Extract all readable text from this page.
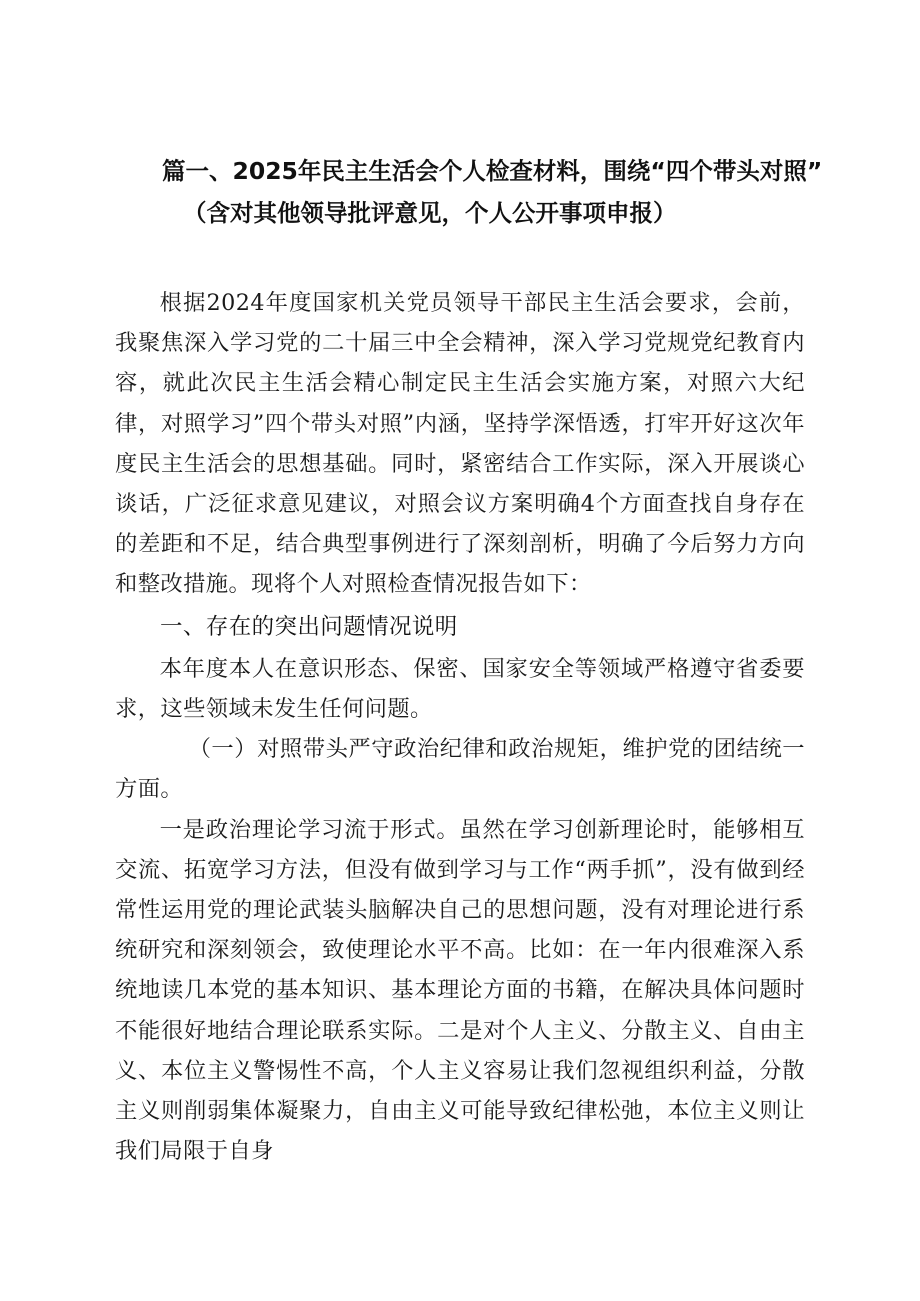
篇一、2025年民主生活会个人检查材料，围绕“四个带头对照”
（含对其他领导批评意见，个人公开事项申报）

根据2024年度国家机关党员领导干部民主生活会要求，会前，我聚焦深入学习党的二十届三中全会精神，深入学习党规党纪教育内容，就此次民主生活会精心制定民主生活会实施方案，对照六大纪律，对照学习”四个带头对照”内涵，坚持学深悟透，打牢开好这次年度民主生活会的思想基础。同时，紧密结合工作实际，深入开展谈心谈话，广泛征求意见建议，对照会议方案明确4个方面查找自身存在的差距和不足，结合典型事例进行了深刻剖析，明确了今后努力方向和整改措施。现将个人对照检查情况报告如下：

一、存在的突出问题情况说明

本年度本人在意识形态、保密、国家安全等领域严格遵守省委要求，这些领域未发生任何问题。

（一）对照带头严守政治纪律和政治规矩，维护党的团结统一方面。

一是政治理论学习流于形式。虽然在学习创新理论时，能够相互交流、拓宽学习方法，但没有做到学习与工作“两手抓”，没有做到经常性运用党的理论武装头脑解决自己的思想问题，没有对理论进行系统研究和深刻领会，致使理论水平不高。比如：在一年内很难深入系统地读几本党的基本知识、基本理论方面的书籍，在解决具体问题时不能很好地结合理论联系实际。二是对个人主义、分散主义、自由主义、本位主义警惕性不高，个人主义容易让我们忽视组织利益，分散主义则削弱集体凝聚力，自由主义可能导致纪律松弛，本位主义则让我们局限于自身
